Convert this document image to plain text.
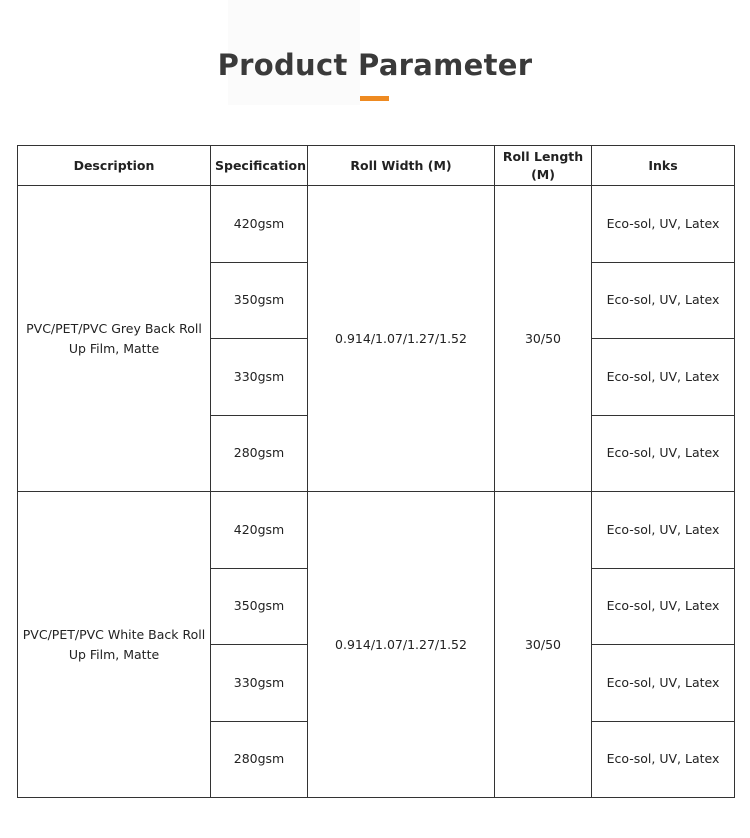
Product Parameter
Description	Specification	Roll Width (M)	Roll Length (M)	Inks
PVC/PET/PVC Grey Back Roll Up Film, Matte	420gsm	0.914/1.07/1.27/1.52	30/50	Eco-sol, UV, Latex
	350gsm			Eco-sol, UV, Latex
	330gsm			Eco-sol, UV, Latex
	280gsm			Eco-sol, UV, Latex
PVC/PET/PVC White Back Roll Up Film, Matte	420gsm	0.914/1.07/1.27/1.52	30/50	Eco-sol, UV, Latex
	350gsm			Eco-sol, UV, Latex
	330gsm			Eco-sol, UV, Latex
	280gsm			Eco-sol, UV, Latex
